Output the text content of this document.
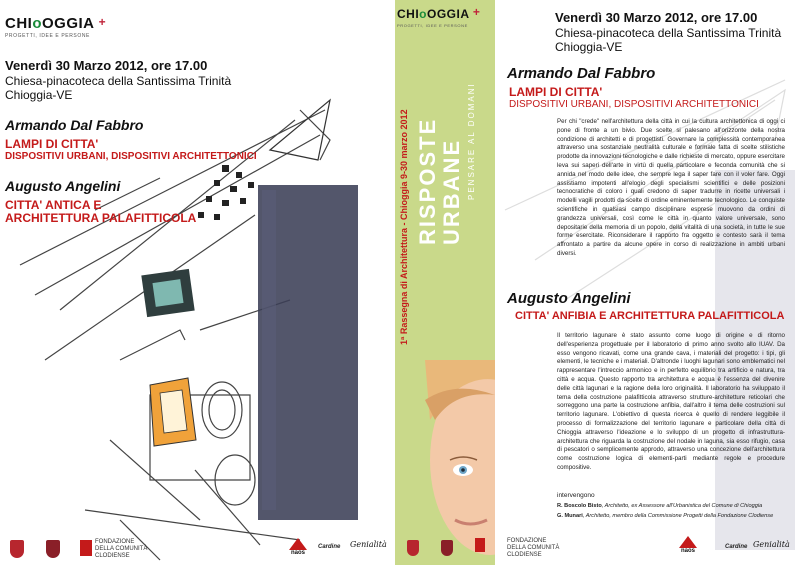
CHIoOGGIA +
PROGETTI, IDEE E PERSONE
Venerdì 30 Marzo 2012, ore 17.00
Chiesa-pinacoteca della Santissima Trinità
Chioggia-VE
Armando Dal Fabbro
LAMPI DI CITTA'
DISPOSITIVI URBANI, DISPOSITIVI ARCHITETTONICI
Augusto Angelini
CITTA' ANTICA E
ARCHITETTURA PALAFITTICOLA
FONDAZIONE
DELLA COMUNITÀ
CLODIENSE	naos
Cardine Genialità
CHIoOGGIA +
PROGETTI, IDEE E PERSONE
RISPOSTE URBANE PENSARE AL DOMANI
1ª Rassegna di Architettura - Chioggia 9-30 marzo 2012
Venerdì 30 Marzo 2012, ore 17.00
Chiesa-pinacoteca della Santissima Trinità
Chioggia-VE
Armando Dal Fabbro
LAMPI DI CITTA'
DISPOSITIVI URBANI, DISPOSITIVI ARCHITETTONICI
Per chi "crede" nell'architettura della città in cui la cultura architettonica di oggi ci pone di fronte a un bivio. Due scelte si palesano all'orizzonte della nostra condizione di architetti e di progettisti. Governare la complessità contemporanea attraverso una sostanziale neutralità culturale e formale fatta di scelte stilistiche prodotte da innovazioni tecnologiche e dalle richieste di mercato, oppure esercitare leva sui saperi dell'arte in virtù di quella particolare e feconda comunità che si annida nel modo delle idee, che sempre lega il saper fare con il voler fare. Oggi assistiamo impotenti all'elogio degli specialismi scientifici e delle posizioni tecnocratiche di coloro i quali credono di saper tradurre in ricette universali i modelli vagili prodotti da scelte di ordine eminentemente tecnologico. Le conquiste scientifiche in qualsiasi campo disciplinare esprese muovono da ordini di grandezza universali, così come le città in quanto valore universale, sono depositarie della memoria di un popolo, della vitalità di una società, in tutte le sue forme esercitate. Riconsiderare il rapporto fra oggetto e contesto sarà il tema affrontato a partire da alcune opere in corso di realizzazione in ambiti urbani diversi.
Augusto Angelini
CITTA' ANFIBIA E ARCHITETTURA PALAFITTICOLA
Il territorio lagunare è stato assunto come luogo di origine e di ritorno dell'esperienza progettuale per il laboratorio di primo anno svolto allo IUAV. Da esso vengono ricavati, come una grande cava, i materiali del progetto: i tipi, gli elementi, le tecniche e i materiali. D'altronde i luoghi lagunari sono emblematici nel rappresentare l'intreccio armonico e in perfetto equilibrio tra artificio e natura, tra città e acqua. Questo rapporto tra architettura e acqua è l'essenza del divenire delle città lagunari e la ragione della loro originalità. Il laboratorio ha sviluppato il tema della costruzione palafitticola attraverso strutture-architetture reticolari che sorreggono una parte la costruzione anfibia, dall'altro il tema delle costruzioni sul territorio lagunare. L'obiettivo di questa ricerca è quello di rendere leggibile il processo di formalizzazione del territorio lagunare e particolare della città di Chioggia attraverso l'ideazione e lo sviluppo di un progetto di infrastruttura-architettura che riguarda la costruzione del nodale in laguna, sia esso rifugio, casa di pescatori o semplicemente approdo, attraverso una concezione dell'architettura come costruzione logica di elementi-parti mediante regole e procedure compositive.
intervengono
R. Boscolo Bisto, Architetto, ex Assessore all'Urbanistica del Comune di Chioggia
G. Munari, Architetto, membro della Commissione Progetti della Fondazione Clodiense
FONDAZIONE
DELLA COMUNITÀ
CLODIENSE
naos
Cardine Genialità
